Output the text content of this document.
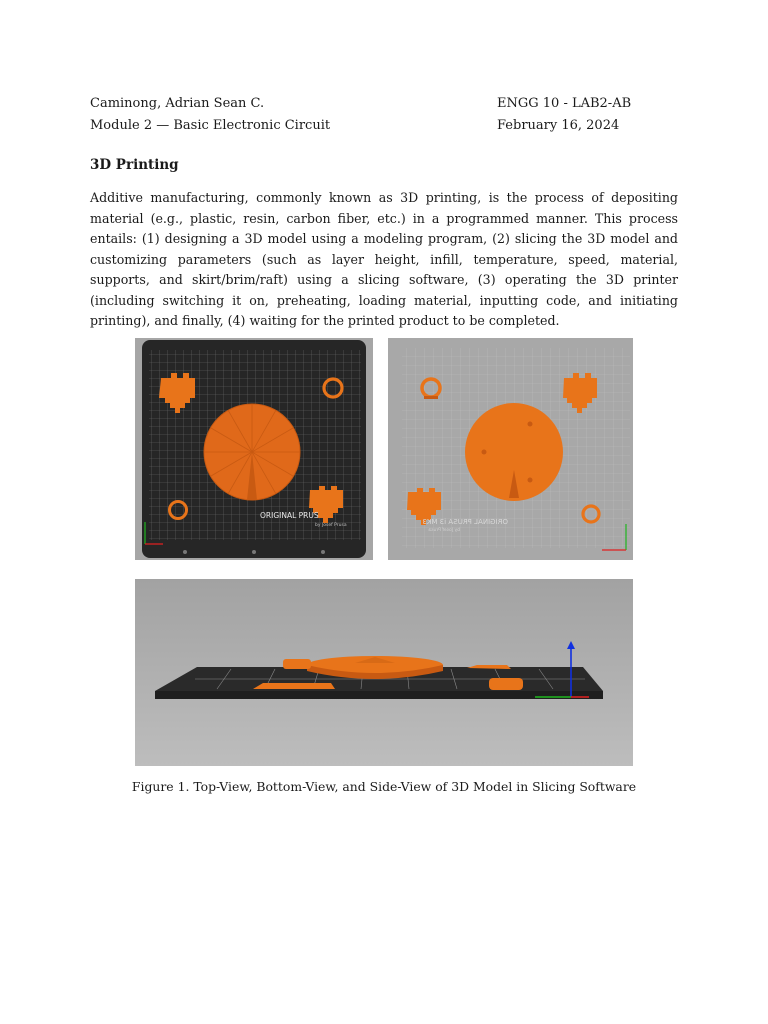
Caminong, Adrian Sean C.
Module 2 — Basic Electronic Circuit
ENGG 10 - LAB2-AB
February 16, 2024
3D Printing

Additive manufacturing, commonly known as 3D printing, is the process of depositing material (e.g., plastic, resin, carbon fiber, etc.) in a programmed manner. This process entails: (1) designing a 3D model using a modeling program, (2) slicing the 3D model and customizing parameters (such as layer height, infill, temperature, speed, material, supports, and skirt/brim/raft) using a slicing software, (3) operating the 3D printer (including switching it on, preheating, loading material, inputting code, and initiating printing), and finally, (4) waiting for the printed product to be completed.

ORIGINAL PRUS
by Josef Prusa	ORIGINAL PRUSA i3 MK3
by Josef Prusa
Figure 1. Top-View, Bottom-View, and Side-View of 3D Model in Slicing Software
